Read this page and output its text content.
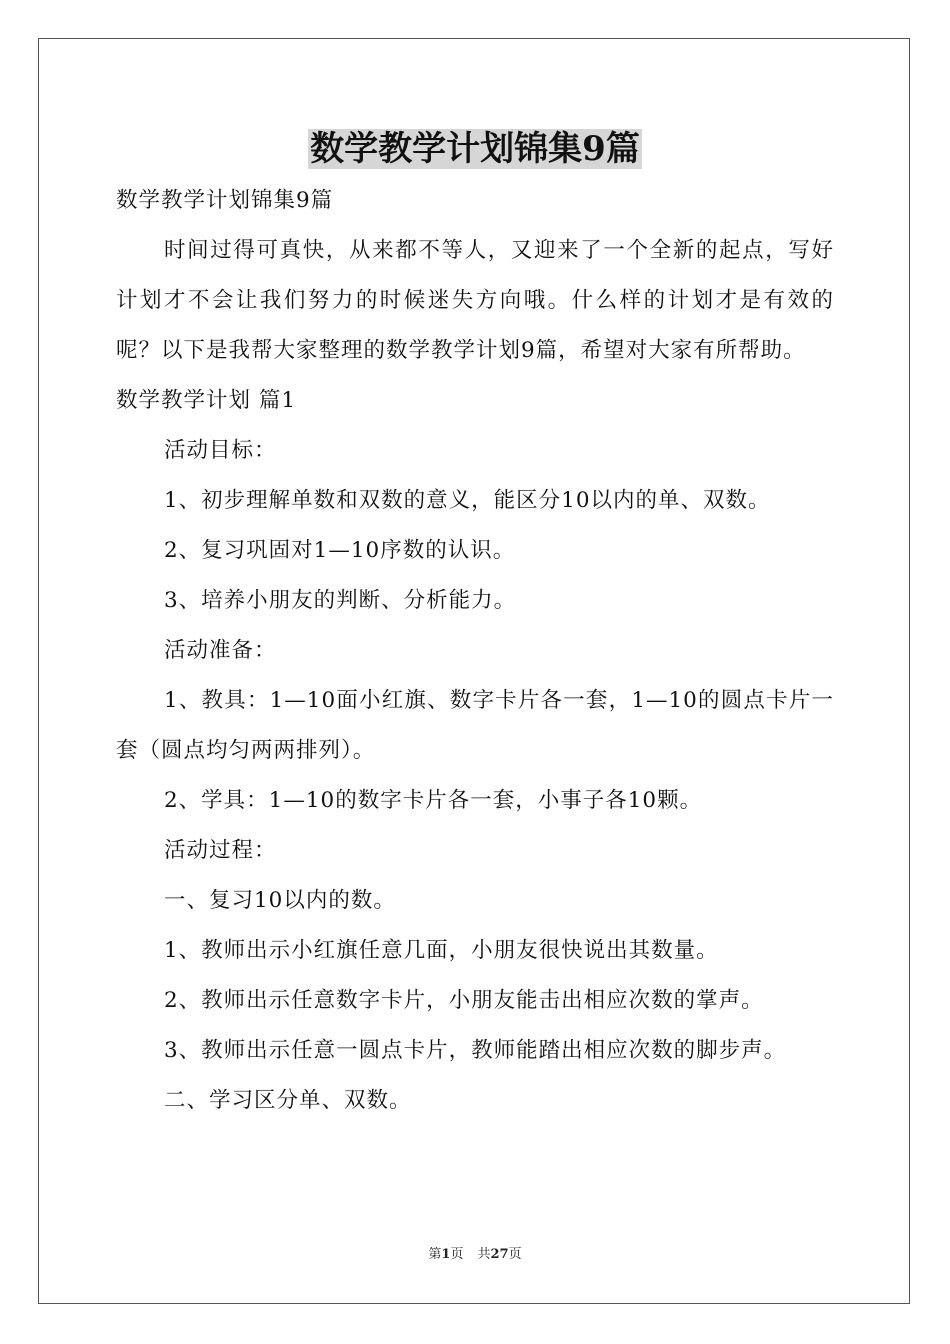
数学教学计划锦集9篇

数学教学计划锦集9篇

时间过得可真快，从来都不等人，又迎来了一个全新的起点，写好计划才不会让我们努力的时候迷失方向哦。什么样的计划才是有效的呢？以下是我帮大家整理的数学教学计划9篇，希望对大家有所帮助。

数学教学计划 篇1

活动目标：

1、初步理解单数和双数的意义，能区分10以内的单、双数。

2、复习巩固对1—10序数的认识。

3、培养小朋友的判断、分析能力。

活动准备：

1、教具：1—10面小红旗、数字卡片各一套，1—10的圆点卡片一套（圆点均匀两两排列）。

2、学具：1—10的数字卡片各一套，小事子各10颗。

活动过程：

一、复习10以内的数。

1、教师出示小红旗任意几面，小朋友很快说出其数量。

2、教师出示任意数字卡片，小朋友能击出相应次数的掌声。

3、教师出示任意一圆点卡片，教师能踏出相应次数的脚步声。

二、学习区分单、双数。

第1页 共27页
